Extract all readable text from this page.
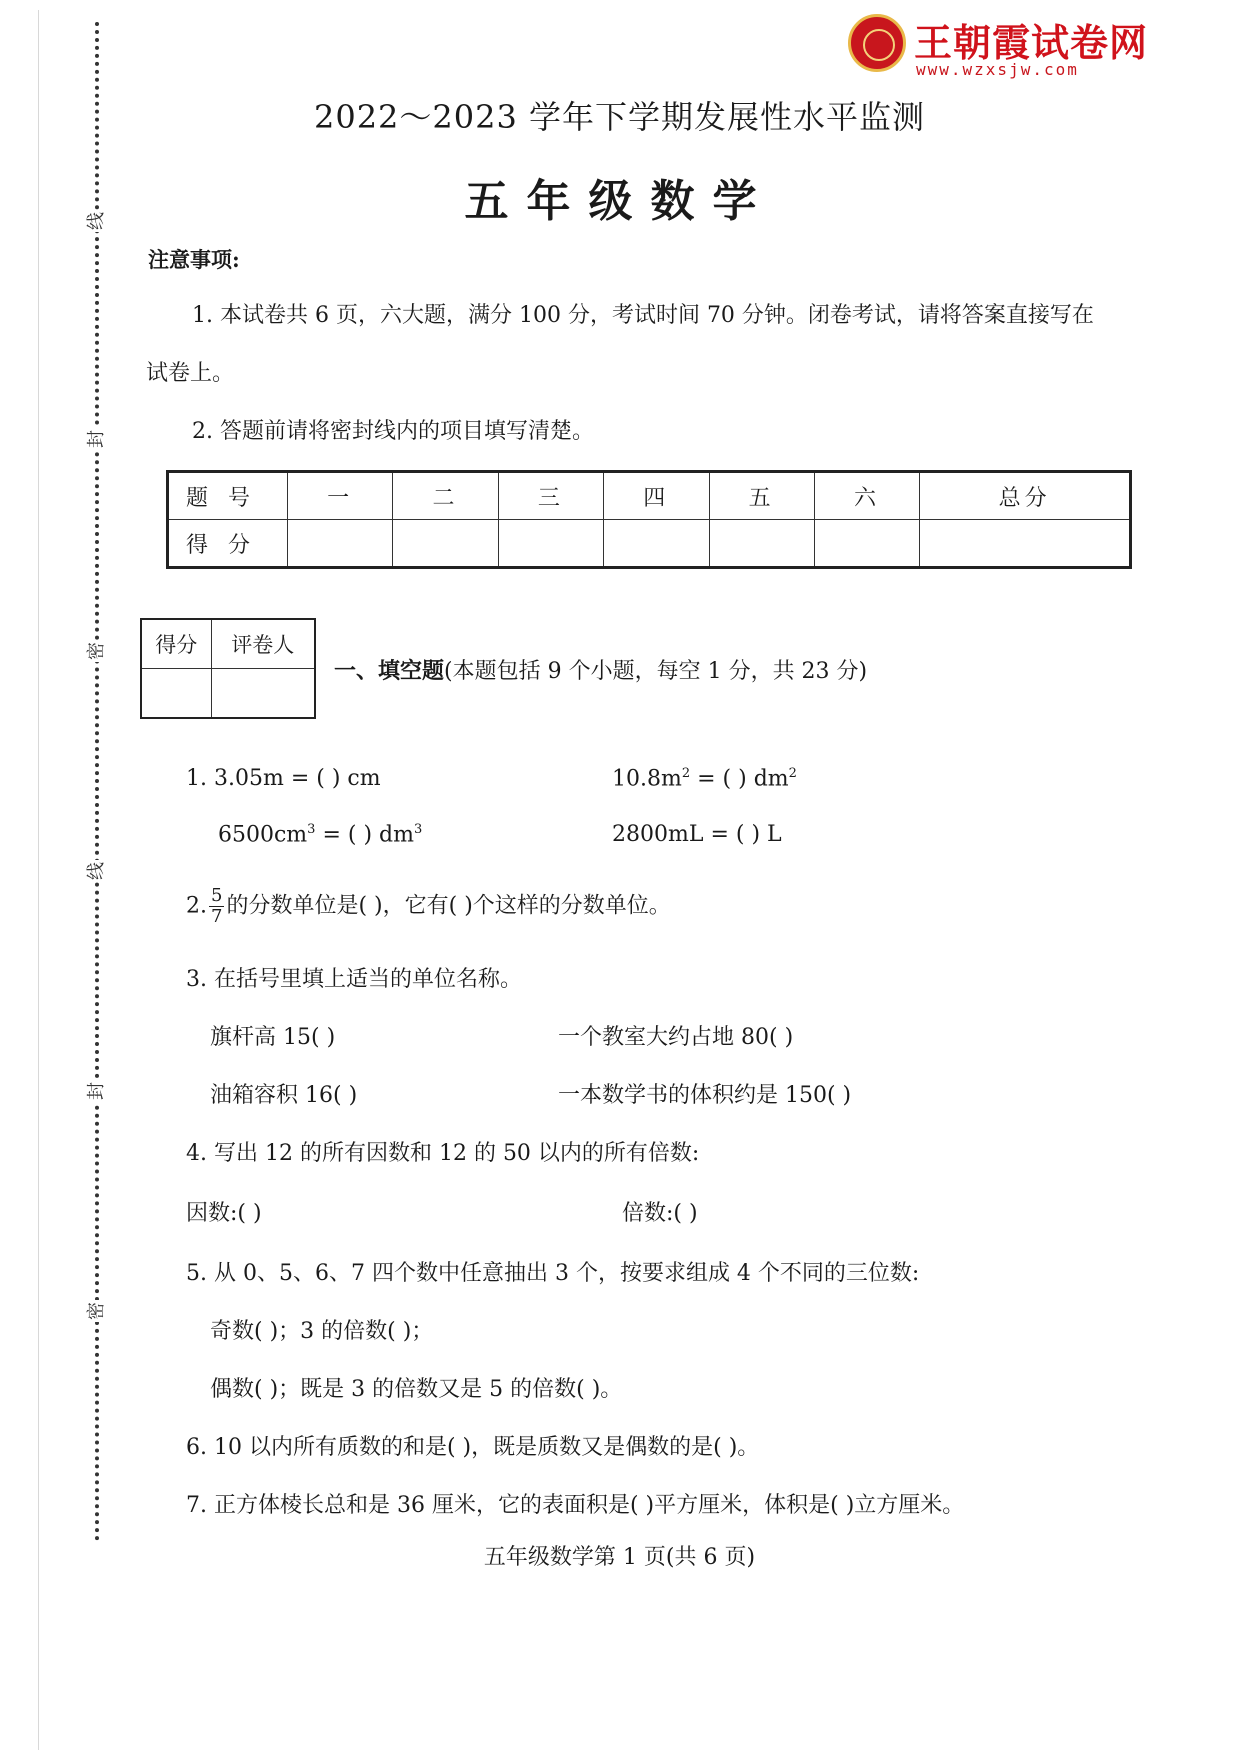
线
封
密
线
封
密
王朝霞试卷网
www.wzxsjw.com
2022～2023 学年下学期发展性水平监测
五年级数学
注意事项:
1. 本试卷共 6 页，六大题，满分 100 分，考试时间 70 分钟。闭卷考试，请将答案直接写在
试卷上。
2. 答题前请将密封线内的项目填写清楚。
题号	一	二	三	四	五	六	总分
得分							
得分	评卷人

一、填空题(本题包括 9 个小题，每空 1 分，共 23 分)
1. 3.05m = ( ) cm	$10.8m^2$ = ( ) $dm^2$
$6500cm^3$ = ( ) $dm^3$	2800mL = ( ) L
2. $\frac{5}{7}$ 的分数单位是( )，它有( )个这样的分数单位。
3. 在括号里填上适当的单位名称。
旗杆高 15( )	一个教室大约占地 80( )
油箱容积 16( )	一本数学书的体积约是 150( )
4. 写出 12 的所有因数和 12 的 50 以内的所有倍数:
因数:( )	倍数:( )
5. 从 0、5、6、7 四个数中任意抽出 3 个，按要求组成 4 个不同的三位数:
奇数( )；3 的倍数( )；
偶数( )；既是 3 的倍数又是 5 的倍数( )。
6. 10 以内所有质数的和是( )，既是质数又是偶数的是( )。
7. 正方体棱长总和是 36 厘米，它的表面积是( )平方厘米，体积是( )立方厘米。
五年级数学第 1 页(共 6 页)
